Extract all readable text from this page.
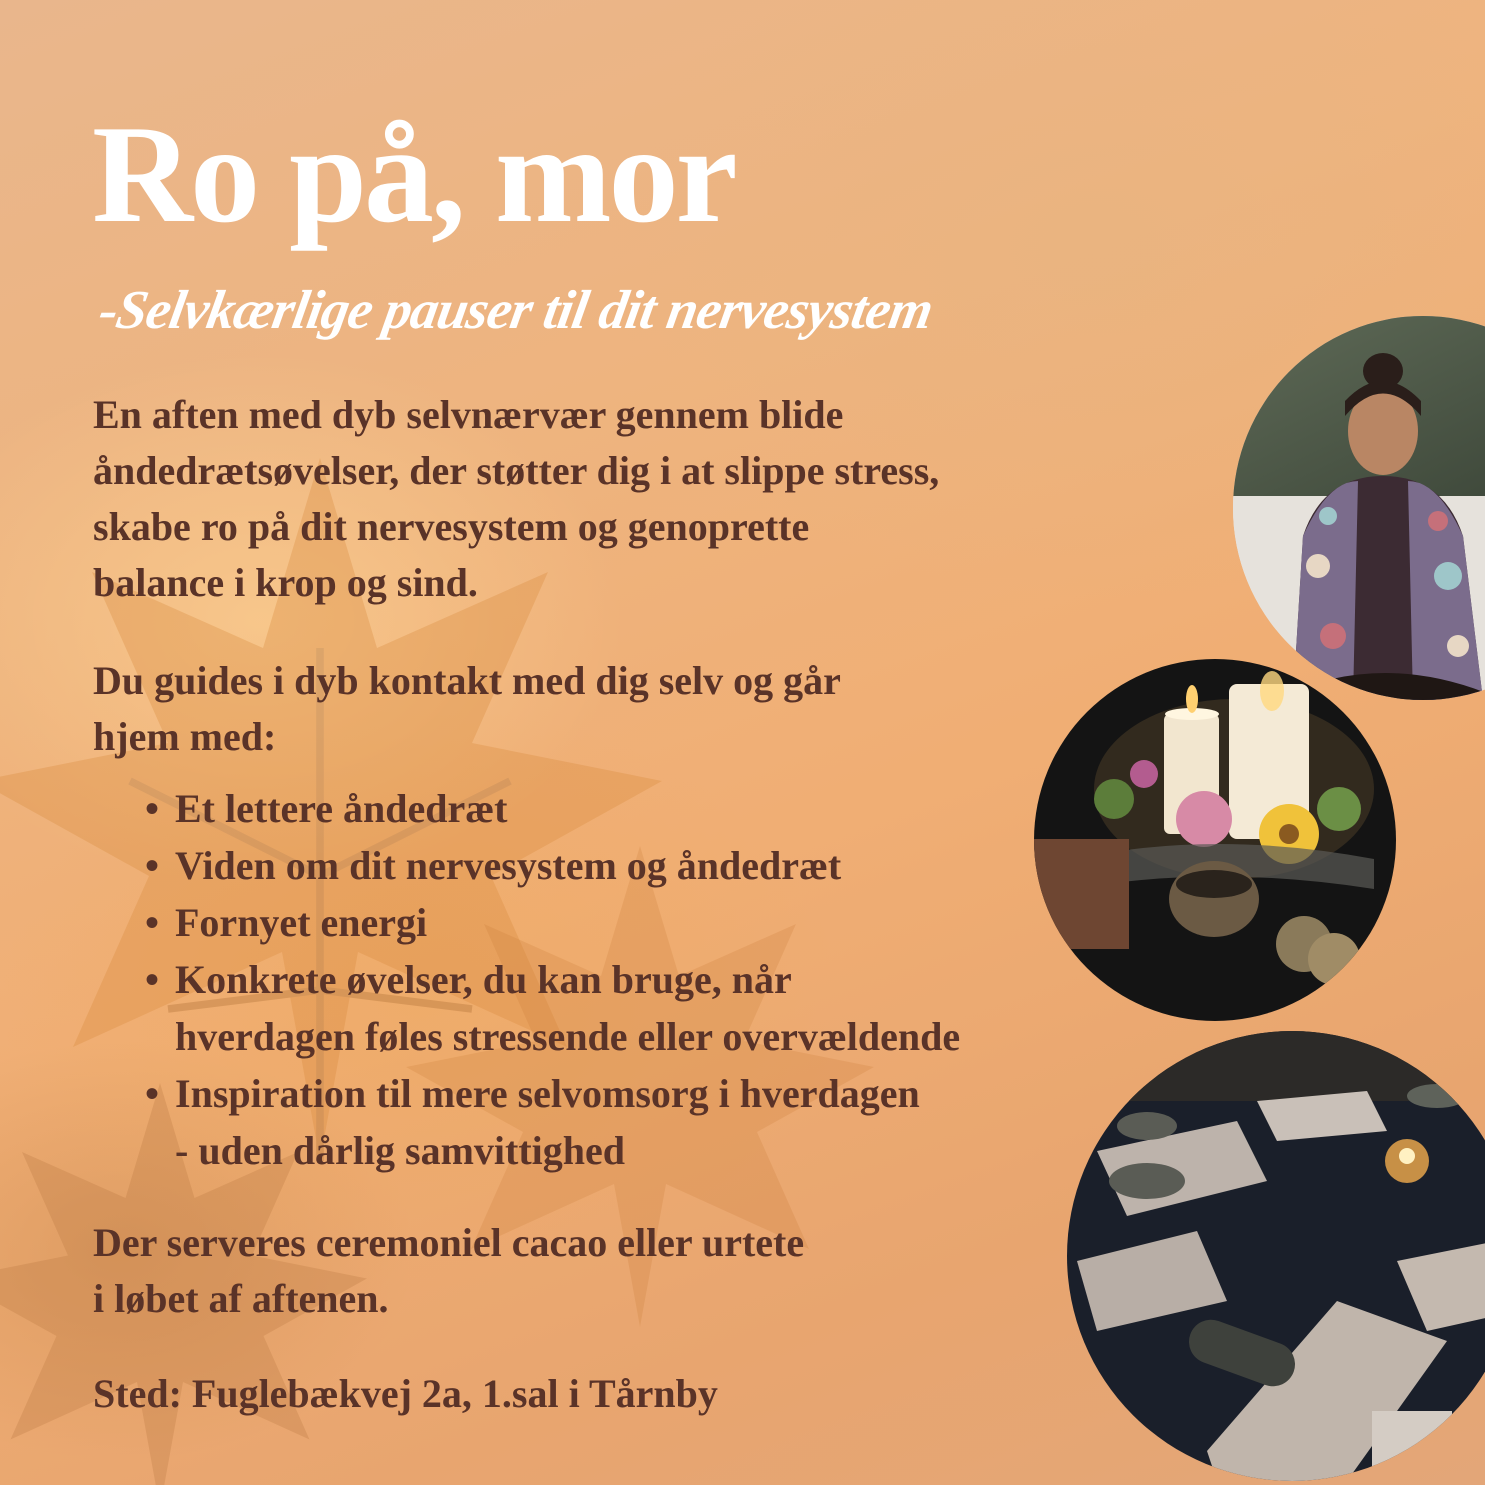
Ro på, mor
-Selvkærlige pauser til dit nervesystem

En aften med dyb selvnærvær gennem blide
åndedrætsøvelser, der støtter dig i at slippe stress,
skabe ro på dit nervesystem og genoprette
balance i krop og sind.

Du guides i dyb kontakt med dig selv og går
hjem med:

• Et lettere åndedræt
• Viden om dit nervesystem og åndedræt
• Fornyet energi
• Konkrete øvelser, du kan bruge, når
hverdagen føles stressende eller overvældende
• Inspiration til mere selvomsorg i hverdagen
- uden dårlig samvittighed

Der serveres ceremoniel cacao eller urtete
i løbet af aftenen.

Sted: Fuglebækvej 2a, 1.sal i Tårnby
